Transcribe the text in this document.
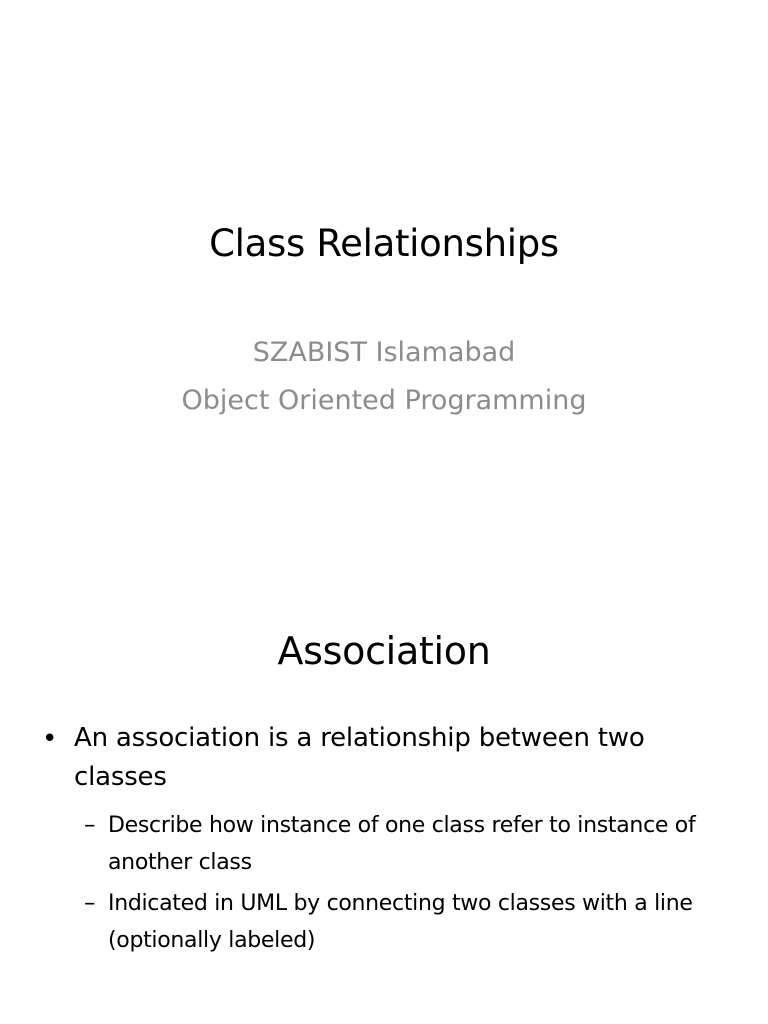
Class Relationships
SZABIST Islamabad
Object Oriented Programming
Association
• An association is a relationship between two classes
– Describe how instance of one class refer to instance of another class
– Indicated in UML by connecting two classes with a line (optionally labeled)
